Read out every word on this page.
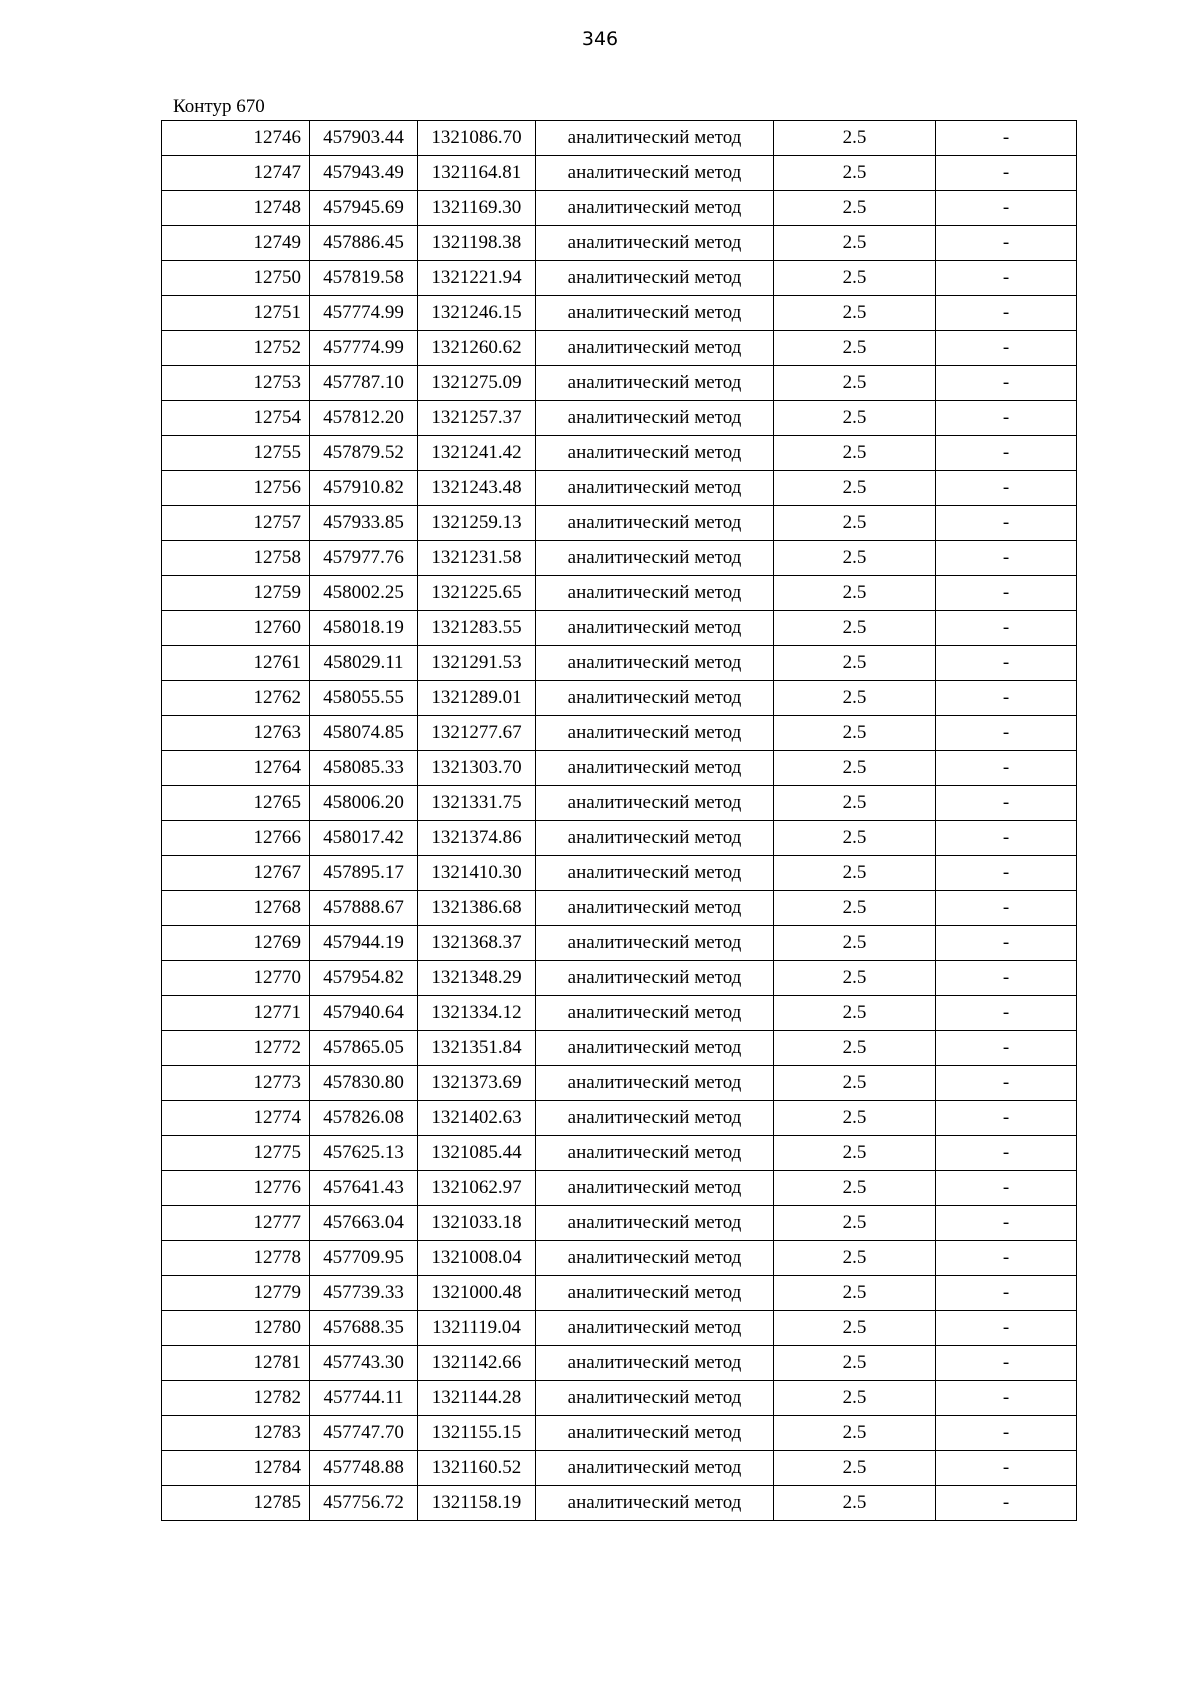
346
Контур 670
12746	457903.44	1321086.70	аналитический метод	2.5	-
12747	457943.49	1321164.81	аналитический метод	2.5	-
12748	457945.69	1321169.30	аналитический метод	2.5	-
12749	457886.45	1321198.38	аналитический метод	2.5	-
12750	457819.58	1321221.94	аналитический метод	2.5	-
12751	457774.99	1321246.15	аналитический метод	2.5	-
12752	457774.99	1321260.62	аналитический метод	2.5	-
12753	457787.10	1321275.09	аналитический метод	2.5	-
12754	457812.20	1321257.37	аналитический метод	2.5	-
12755	457879.52	1321241.42	аналитический метод	2.5	-
12756	457910.82	1321243.48	аналитический метод	2.5	-
12757	457933.85	1321259.13	аналитический метод	2.5	-
12758	457977.76	1321231.58	аналитический метод	2.5	-
12759	458002.25	1321225.65	аналитический метод	2.5	-
12760	458018.19	1321283.55	аналитический метод	2.5	-
12761	458029.11	1321291.53	аналитический метод	2.5	-
12762	458055.55	1321289.01	аналитический метод	2.5	-
12763	458074.85	1321277.67	аналитический метод	2.5	-
12764	458085.33	1321303.70	аналитический метод	2.5	-
12765	458006.20	1321331.75	аналитический метод	2.5	-
12766	458017.42	1321374.86	аналитический метод	2.5	-
12767	457895.17	1321410.30	аналитический метод	2.5	-
12768	457888.67	1321386.68	аналитический метод	2.5	-
12769	457944.19	1321368.37	аналитический метод	2.5	-
12770	457954.82	1321348.29	аналитический метод	2.5	-
12771	457940.64	1321334.12	аналитический метод	2.5	-
12772	457865.05	1321351.84	аналитический метод	2.5	-
12773	457830.80	1321373.69	аналитический метод	2.5	-
12774	457826.08	1321402.63	аналитический метод	2.5	-
12775	457625.13	1321085.44	аналитический метод	2.5	-
12776	457641.43	1321062.97	аналитический метод	2.5	-
12777	457663.04	1321033.18	аналитический метод	2.5	-
12778	457709.95	1321008.04	аналитический метод	2.5	-
12779	457739.33	1321000.48	аналитический метод	2.5	-
12780	457688.35	1321119.04	аналитический метод	2.5	-
12781	457743.30	1321142.66	аналитический метод	2.5	-
12782	457744.11	1321144.28	аналитический метод	2.5	-
12783	457747.70	1321155.15	аналитический метод	2.5	-
12784	457748.88	1321160.52	аналитический метод	2.5	-
12785	457756.72	1321158.19	аналитический метод	2.5	-
